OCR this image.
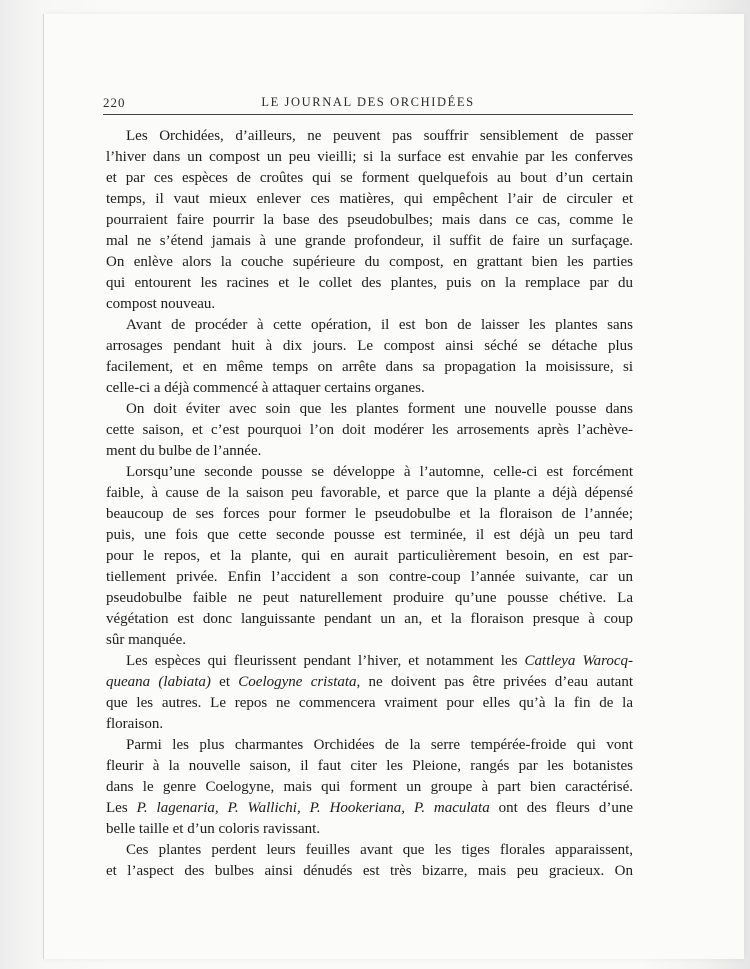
220	LE JOURNAL DES ORCHIDÉES
Les Orchidées, d’ailleurs, ne peuvent pas souffrir sensiblement de passer
l’hiver dans un compost un peu vieilli; si la surface est envahie par les conferves
et par ces espèces de croûtes qui se forment quelquefois au bout d’un certain
temps, il vaut mieux enlever ces matières, qui empêchent l’air de circuler et
pourraient faire pourrir la base des pseudobulbes; mais dans ce cas, comme le
mal ne s’étend jamais à une grande profondeur, il suffit de faire un surfaçage.
On enlève alors la couche supérieure du compost, en grattant bien les parties
qui entourent les racines et le collet des plantes, puis on la remplace par du
compost nouveau.
Avant de procéder à cette opération, il est bon de laisser les plantes sans
arrosages pendant huit à dix jours. Le compost ainsi séché se détache plus
facilement, et en même temps on arrête dans sa propagation la moisissure, si
celle-ci a déjà commencé à attaquer certains organes.
On doit éviter avec soin que les plantes forment une nouvelle pousse dans
cette saison, et c’est pourquoi l’on doit modérer les arrosements après l’achève-
ment du bulbe de l’année.
Lorsqu’une seconde pousse se développe à l’automne, celle-ci est forcément
faible, à cause de la saison peu favorable, et parce que la plante a déjà dépensé
beaucoup de ses forces pour former le pseudobulbe et la floraison de l’année;
puis, une fois que cette seconde pousse est terminée, il est déjà un peu tard
pour le repos, et la plante, qui en aurait particulièrement besoin, en est par-
tiellement privée. Enfin l’accident a son contre-coup l’année suivante, car un
pseudobulbe faible ne peut naturellement produire qu’une pousse chétive. La
végétation est donc languissante pendant un an, et la floraison presque à coup
sûr manquée.
Les espèces qui fleurissent pendant l’hiver, et notamment les Cattleya Warocq-
queana (labiata) et Coelogyne cristata, ne doivent pas être privées d’eau autant
que les autres. Le repos ne commencera vraiment pour elles qu’à la fin de la
floraison.
Parmi les plus charmantes Orchidées de la serre tempérée-froide qui vont
fleurir à la nouvelle saison, il faut citer les Pleione, rangés par les botanistes
dans le genre Coelogyne, mais qui forment un groupe à part bien caractérisé.
Les P. lagenaria, P. Wallichi, P. Hookeriana, P. maculata ont des fleurs d’une
belle taille et d’un coloris ravissant.
Ces plantes perdent leurs feuilles avant que les tiges florales apparaissent,
et l’aspect des bulbes ainsi dénudés est très bizarre, mais peu gracieux. On
